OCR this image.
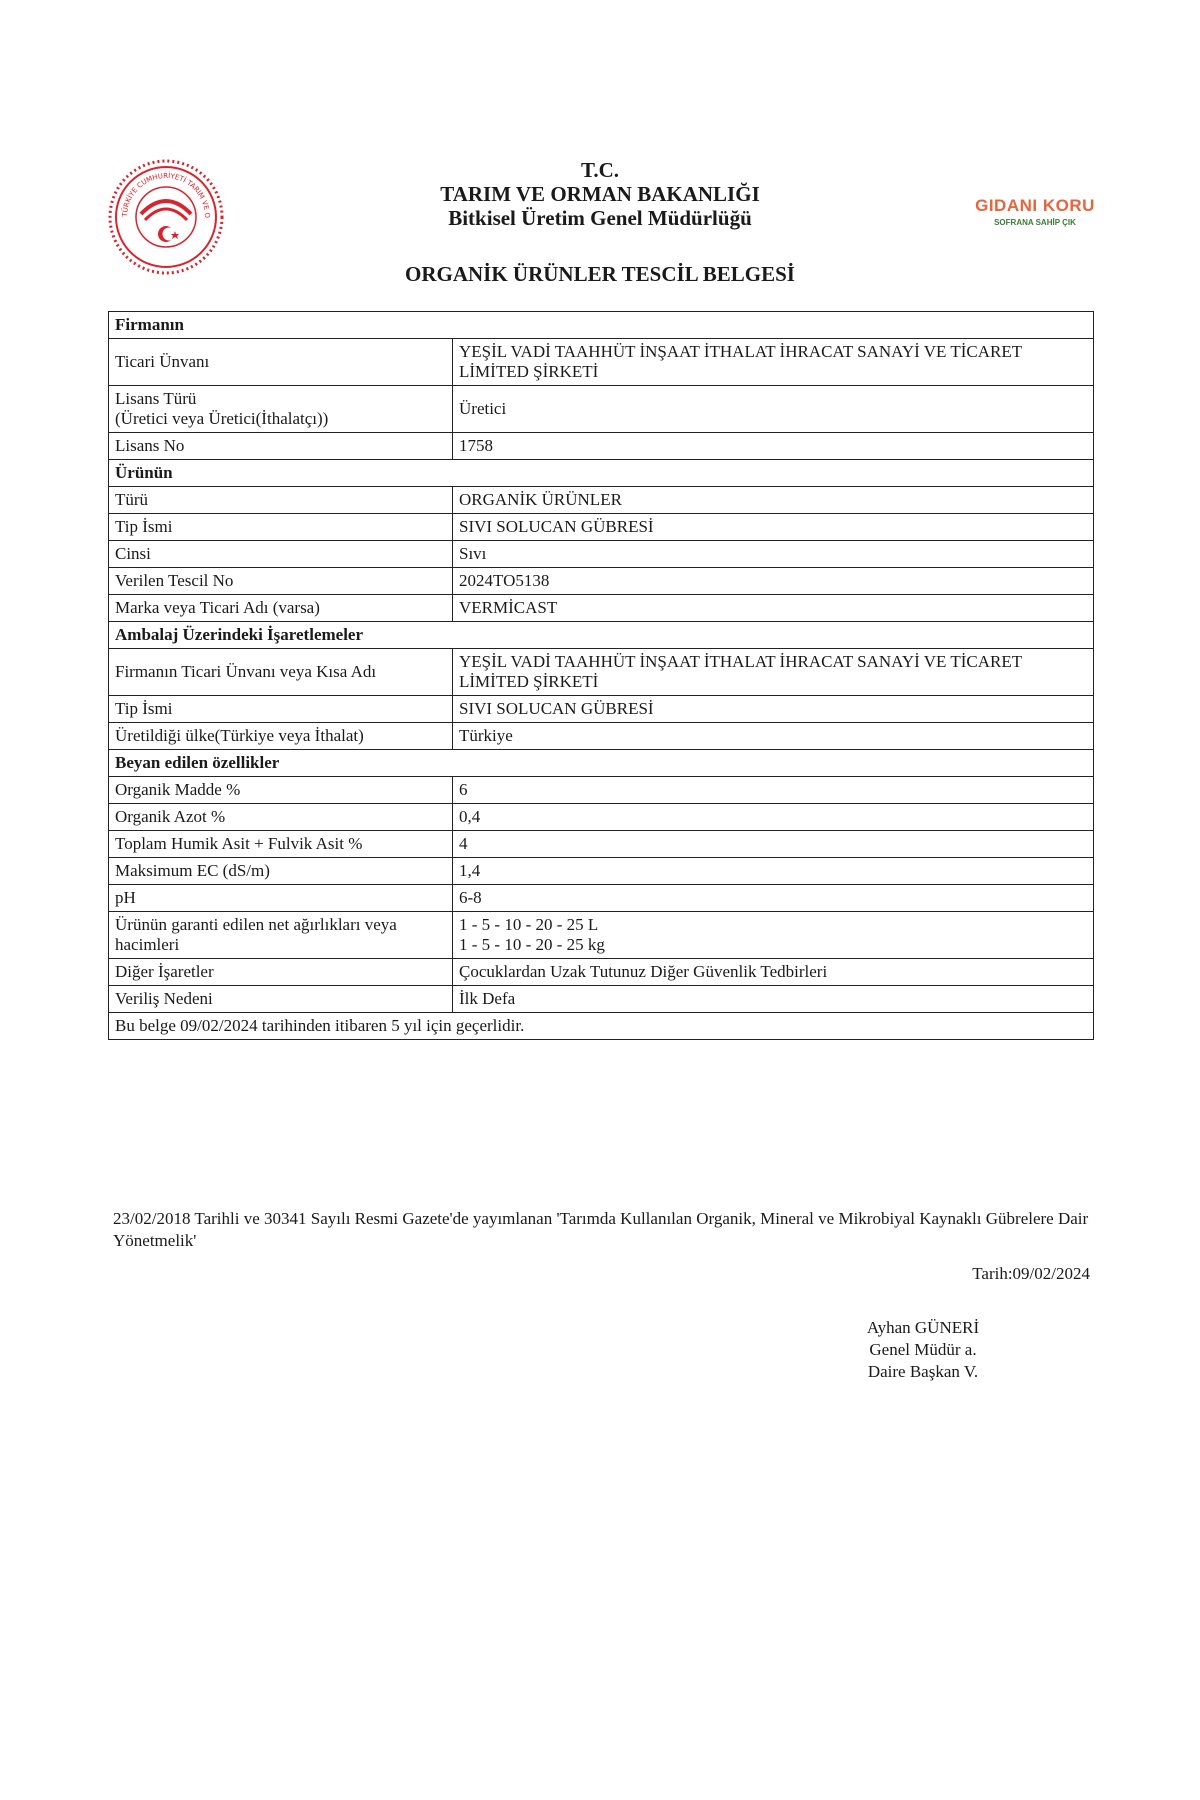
TÜRKİYE CUMHURİYETİ TARIM VE O
GIDANI KORU
SOFRANA SAHİP ÇIK
T.C.
TARIM VE ORMAN BAKANLIĞI
Bitkisel Üretim Genel Müdürlüğü
ORGANİK ÜRÜNLER TESCİL BELGESİ
Firmanın	
Ticari Ünvanı	YEŞİL VADİ TAAHHÜT İNŞAAT İTHALAT İHRACAT SANAYİ VE TİCARET LİMİTED ŞİRKETİ
Lisans Türü
(Üretici veya Üretici(İthalatçı))	Üretici
Lisans No	1758
Ürünün	
Türü	ORGANİK ÜRÜNLER
Tip İsmi	SIVI SOLUCAN GÜBRESİ
Cinsi	Sıvı
Verilen Tescil No	2024TO5138
Marka veya Ticari Adı (varsa)	VERMİCAST
Ambalaj Üzerindeki İşaretlemeler	
Firmanın Ticari Ünvanı veya Kısa Adı	YEŞİL VADİ TAAHHÜT İNŞAAT İTHALAT İHRACAT SANAYİ VE TİCARET LİMİTED ŞİRKETİ
Tip İsmi	SIVI SOLUCAN GÜBRESİ
Üretildiği ülke(Türkiye veya İthalat)	Türkiye
Beyan edilen özellikler	
Organik Madde %	6
Organik Azot %	0,4
Toplam Humik Asit + Fulvik Asit %	4
Maksimum EC (dS/m)	1,4
pH	6-8
Ürünün garanti edilen net ağırlıkları veya hacimleri	1 - 5 - 10 - 20 - 25 L
1 - 5 - 10 - 20 - 25 kg
Diğer İşaretler	Çocuklardan Uzak Tutunuz Diğer Güvenlik Tedbirleri
Veriliş Nedeni	İlk Defa
Bu belge 09/02/2024 tarihinden itibaren 5 yıl için geçerlidir.	
23/02/2018 Tarihli ve 30341 Sayılı Resmi Gazete'de yayımlanan 'Tarımda Kullanılan Organik, Mineral ve Mikrobiyal Kaynaklı Gübrelere Dair Yönetmelik'
Tarih:09/02/2024
Ayhan GÜNERİ
Genel Müdür a.
Daire Başkan V.
